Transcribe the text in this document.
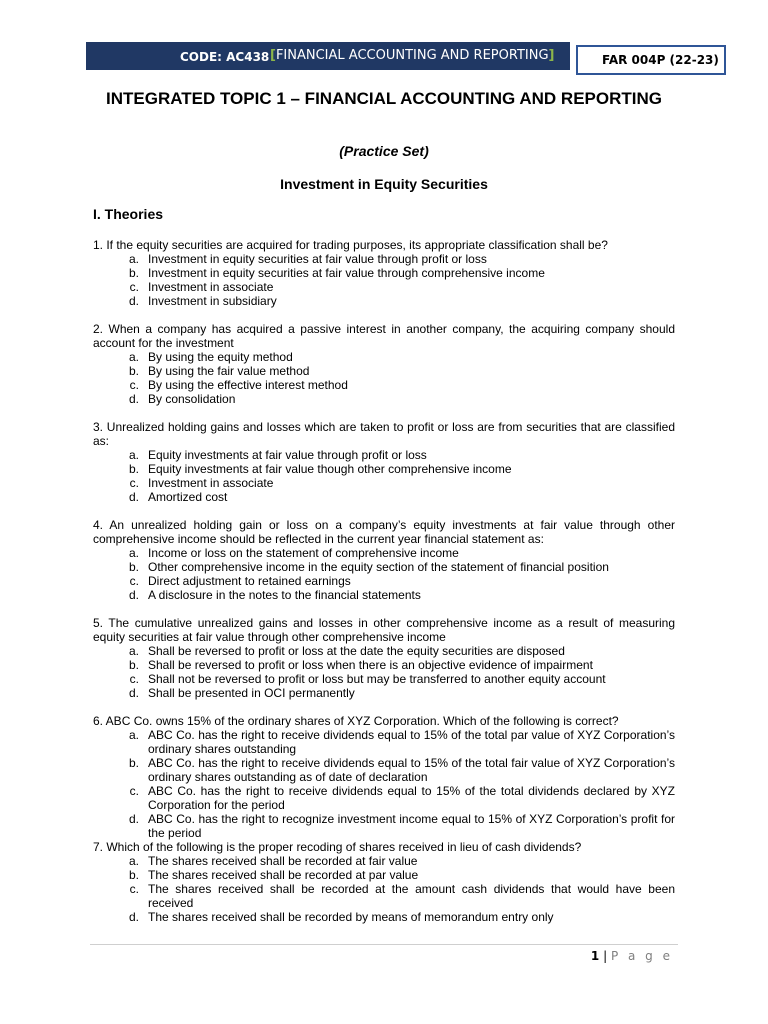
CODE: AC438 [FINANCIAL ACCOUNTING AND REPORTING]	FAR 004P (22-23)
INTEGRATED TOPIC 1 – FINANCIAL ACCOUNTING AND REPORTING
(Practice Set)
Investment in Equity Securities
I. Theories
1. If the equity securities are acquired for trading purposes, its appropriate classification shall be?
a. Investment in equity securities at fair value through profit or loss
b. Investment in equity securities at fair value through comprehensive income
c. Investment in associate
d. Investment in subsidiary
2. When a company has acquired a passive interest in another company, the acquiring company should account for the investment
a. By using the equity method
b. By using the fair value method
c. By using the effective interest method
d. By consolidation
3. Unrealized holding gains and losses which are taken to profit or loss are from securities that are classified as:
a. Equity investments at fair value through profit or loss
b. Equity investments at fair value though other comprehensive income
c. Investment in associate
d. Amortized cost
4. An unrealized holding gain or loss on a company’s equity investments at fair value through other comprehensive income should be reflected in the current year financial statement as:
a. Income or loss on the statement of comprehensive income
b. Other comprehensive income in the equity section of the statement of financial position
c. Direct adjustment to retained earnings
d. A disclosure in the notes to the financial statements
5. The cumulative unrealized gains and losses in other comprehensive income as a result of measuring equity securities at fair value through other comprehensive income
a. Shall be reversed to profit or loss at the date the equity securities are disposed
b. Shall be reversed to profit or loss when there is an objective evidence of impairment
c. Shall not be reversed to profit or loss but may be transferred to another equity account
d. Shall be presented in OCI permanently
6. ABC Co. owns 15% of the ordinary shares of XYZ Corporation. Which of the following is correct?
a. ABC Co. has the right to receive dividends equal to 15% of the total par value of XYZ Corporation’s ordinary shares outstanding
b. ABC Co. has the right to receive dividends equal to 15% of the total fair value of XYZ Corporation’s ordinary shares outstanding as of date of declaration
c. ABC Co. has the right to receive dividends equal to 15% of the total dividends declared by XYZ Corporation for the period
d. ABC Co. has the right to recognize investment income equal to 15% of XYZ Corporation’s profit for the period
7. Which of the following is the proper recoding of shares received in lieu of cash dividends?
a. The shares received shall be recorded at fair value
b. The shares received shall be recorded at par value
c. The shares received shall be recorded at the amount cash dividends that would have been received
d. The shares received shall be recorded by means of memorandum entry only
1 | P a g e
